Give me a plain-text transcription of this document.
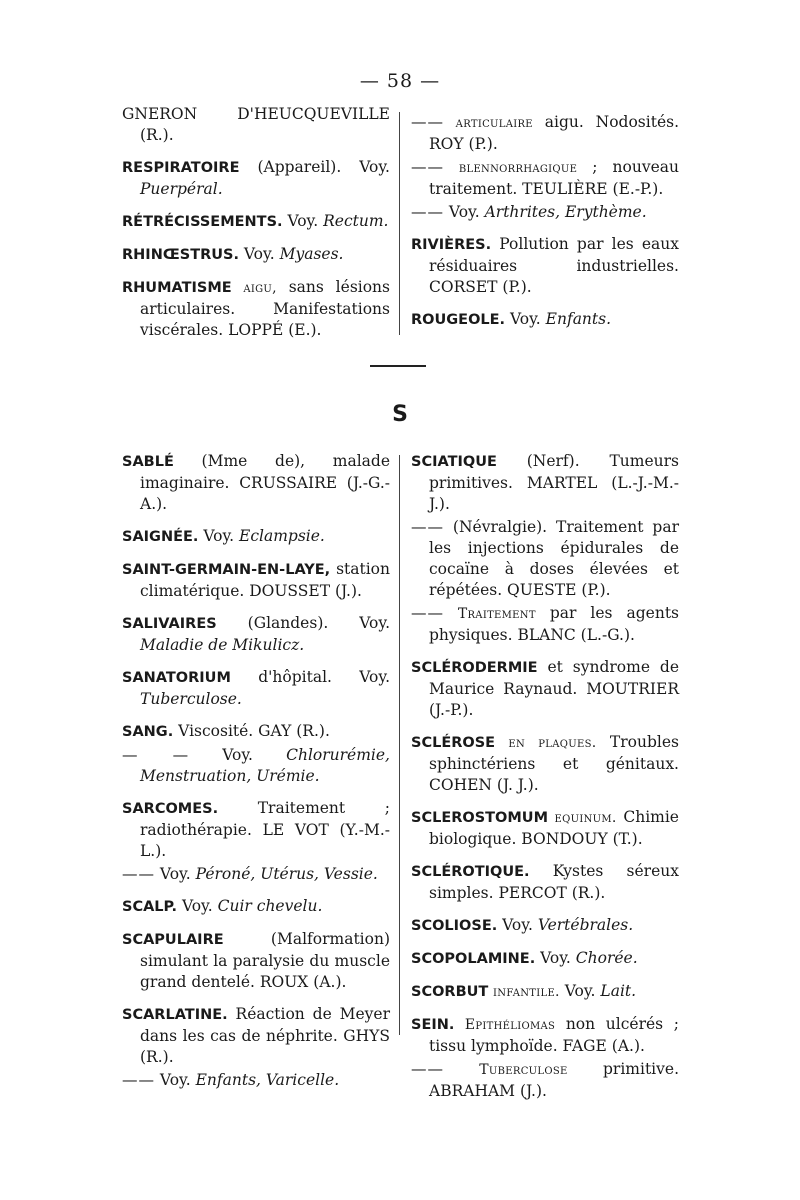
— 58 —

GNERON D'HEUCQUEVILLE (R.).

RESPIRATOIRE (Appareil). Voy. Puerpéral.

RÉTRÉCISSEMENTS. Voy. Rectum.

RHINŒSTRUS. Voy. Myases.

RHUMATISME aigu, sans lésions articulaires. Manifestations viscérales. LOPPÉ (E.).

—— articulaire aigu. Nodosités. ROY (P.).

—— blennorrhagique ; nouveau traitement. TEULIÈRE (E.-P.).

—— Voy. Arthrites, Erythème.

RIVIÈRES. Pollution par les eaux résiduaires industrielles. CORSET (P.).

ROUGEOLE. Voy. Enfants.

S

SABLÉ (Mme de), malade imaginaire. CRUSSAIRE (J.-G.-A.).

SAIGNÉE. Voy. Eclampsie.

SAINT-GERMAIN-EN-LAYE, station climatérique. DOUSSET (J.).

SALIVAIRES (Glandes). Voy. Maladie de Mikulicz.

SANATORIUM d'hôpital. Voy. Tuberculose.

SANG. Viscosité. GAY (R.).

— — Voy. Chlorurémie, Menstruation, Urémie.

SARCOMES. Traitement ; radiothérapie. LE VOT (Y.-M.-L.).

—— Voy. Péroné, Utérus, Vessie.

SCALP. Voy. Cuir chevelu.

SCAPULAIRE (Malformation) simulant la paralysie du muscle grand dentelé. ROUX (A.).

SCARLATINE. Réaction de Meyer dans les cas de néphrite. GHYS (R.).

—— Voy. Enfants, Varicelle.

SCIATIQUE (Nerf). Tumeurs primitives. MARTEL (L.-J.-M.-J.).

—— (Névralgie). Traitement par les injections épidurales de cocaïne à doses élevées et répétées. QUESTE (P.).

—— Traitement par les agents physiques. BLANC (L.-G.).

SCLÉRODERMIE et syndrome de Maurice Raynaud. MOUTRIER (J.-P.).

SCLÉROSE en plaques. Troubles sphinctériens et génitaux. COHEN (J. J.).

SCLEROSTOMUM equinum. Chimie biologique. BONDOUY (T.).

SCLÉROTIQUE. Kystes séreux simples. PERCOT (R.).

SCOLIOSE. Voy. Vertébrales.

SCOPOLAMINE. Voy. Chorée.

SCORBUT infantile. Voy. Lait.

SEIN. Epithéliomas non ulcérés ; tissu lymphoïde. FAGE (A.).

—— Tuberculose primitive. ABRAHAM (J.).
